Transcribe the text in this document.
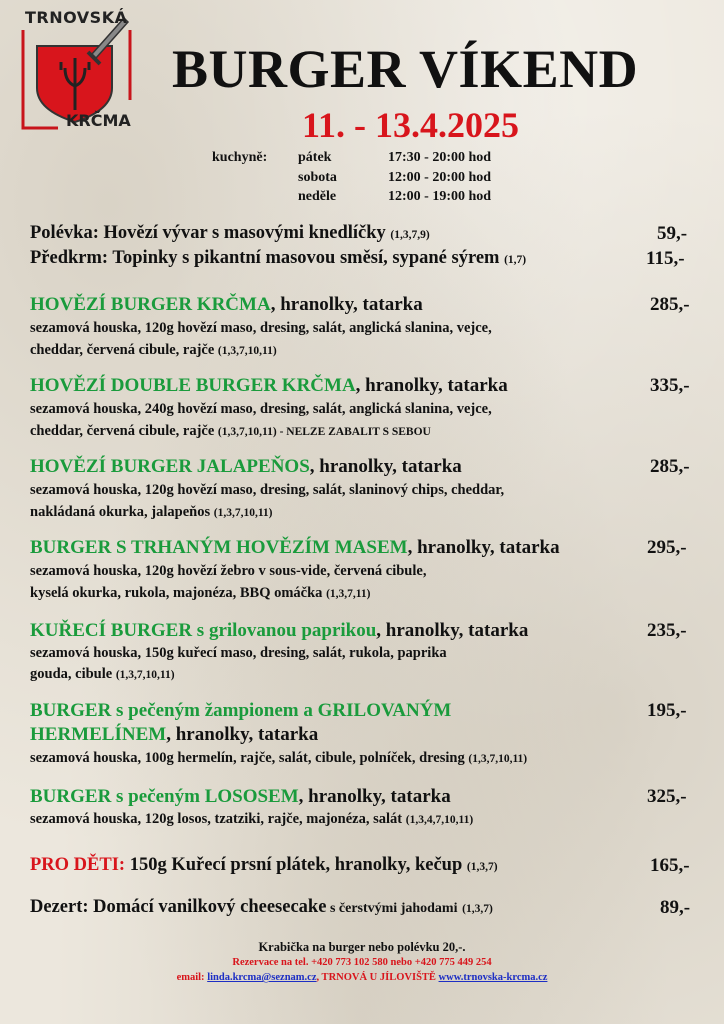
TRNOVSKÁ
KRČMA
BURGER VÍKEND
11. - 13.4.2025
kuchyně: pátek	17:30 - 20:00 hod
sobota	12:00 - 20:00 hod
neděle	12:00 - 19:00 hod
Polévka: Hovězí vývar s masovými knedlíčky (1,3,7,9)	59,-
Předkrm: Topinky s pikantní masovou směsí, sypané sýrem (1,7)	115,-
HOVĚZÍ BURGER KRČMA, hranolky, tatarka	285,-
sezamová houska, 120g hovězí maso, dresing, salát, anglická slanina, vejce,
cheddar, červená cibule, rajče (1,3,7,10,11)
HOVĚZÍ DOUBLE BURGER KRČMA, hranolky, tatarka	335,-
sezamová houska, 240g hovězí maso, dresing, salát, anglická slanina, vejce,
cheddar, červená cibule, rajče (1,3,7,10,11) - NELZE ZABALIT S SEBOU
HOVĚZÍ BURGER JALAPEŇOS, hranolky, tatarka	285,-
sezamová houska, 120g hovězí maso, dresing, salát, slaninový chips, cheddar,
nakládaná okurka, jalapeňos (1,3,7,10,11)
BURGER S TRHANÝM HOVĚZÍM MASEM, hranolky, tatarka	295,-
sezamová houska, 120g hovězí žebro v sous-vide, červená cibule,
kyselá okurka, rukola, majonéza, BBQ omáčka (1,3,7,11)
KUŘECÍ BURGER s grilovanou paprikou, hranolky, tatarka	235,-
sezamová houska, 150g kuřecí maso, dresing, salát, rukola, paprika
gouda, cibule (1,3,7,10,11)
BURGER s pečeným žampionem a GRILOVANÝM	195,-
HERMELÍNEM, hranolky, tatarka
sezamová houska, 100g hermelín, rajče, salát, cibule, polníček, dresing (1,3,7,10,11)
BURGER s pečeným LOSOSEM, hranolky, tatarka	325,-
sezamová houska, 120g losos, tzatziki, rajče, majonéza, salát (1,3,4,7,10,11)
PRO DĚTI: 150g Kuřecí prsní plátek, hranolky, kečup (1,3,7)	165,-
Dezert: Domácí vanilkový cheesecake s čerstvými jahodami (1,3,7)	89,-
Krabička na burger nebo polévku 20,-.
Rezervace na tel. +420 773 102 580 nebo +420 775 449 254
email: linda.krcma@seznam.cz, TRNOVÁ U JÍLOVIŠTĚ www.trnovska-krcma.cz
